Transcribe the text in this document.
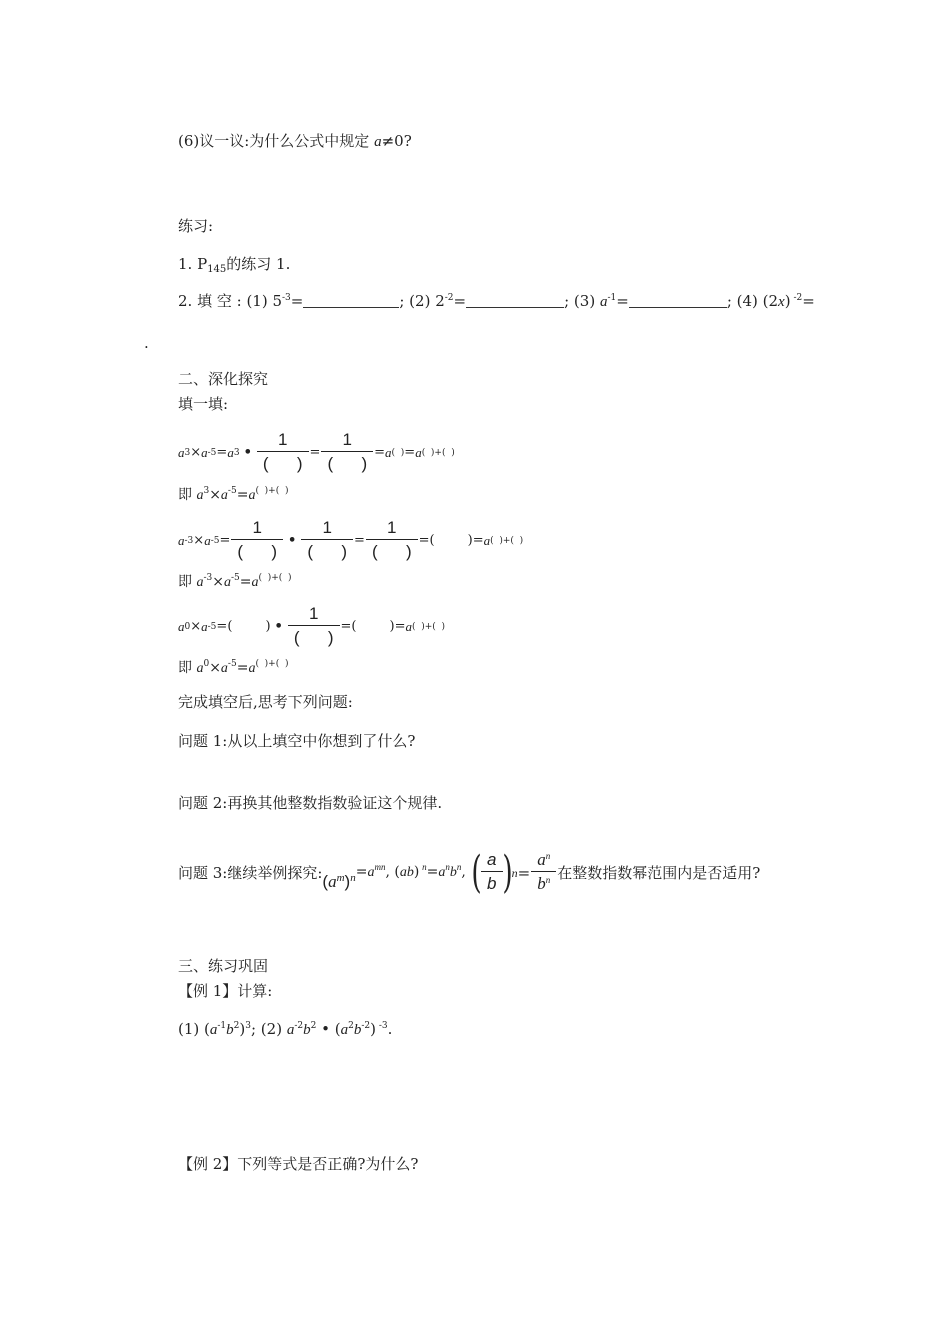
(6)议一议:为什么公式中规定 a≠0?
练习:
1. $P_{145}$的练习 1.
2. 填 空 : (1) $5^{-3}=$	; (2) $2^{-2}=$	; (3) $a^{-1}=$	; (4) (2x) $^{-2}$=
.
二、深化探究
填一填:
a 3 × a -5 = a 3 • $\frac{1}{( )} = \frac{1}{( )} = a$ (  ) = a (  )+(  )
即 $a^3\times a^{-5}=a^{( )+( )}$
a -3 × a $-5 = \frac{1}{( )}$ • $\frac{1}{( )} = \frac{1}{( )}$ =(        )= a (  )+(  )
即 $a^{-3}\times a^{-5}=a^{( )+( )}$
a 0 × a -5 =(        ) • $\frac{1}{( )}$ =(        )= a (  )+(  )
即 $a^0\times a^{-5}=a^{( )+( )}$
完成填空后,思考下列问题:
问题 1:从以上填空中你想到了什么?
问题 2:再换其他整数指数验证这个规律.
问题 3:继续举例探究: $(a^m)^n =a^{mn}$, (ab) $^n=a^nb^n$, ( $\frac{a}{b}$ ) $n = \frac{a^n}{b^n}$ 在整数指数幂范围内是否适用?
三、练习巩固
【例 1】计算:
(1) $(a^{-1}b^2)^3$; (2) $a^{-2}b^2$ • $(a^2b^{-2})$ $^{-3}$.
【例 2】下列等式是否正确?为什么?
